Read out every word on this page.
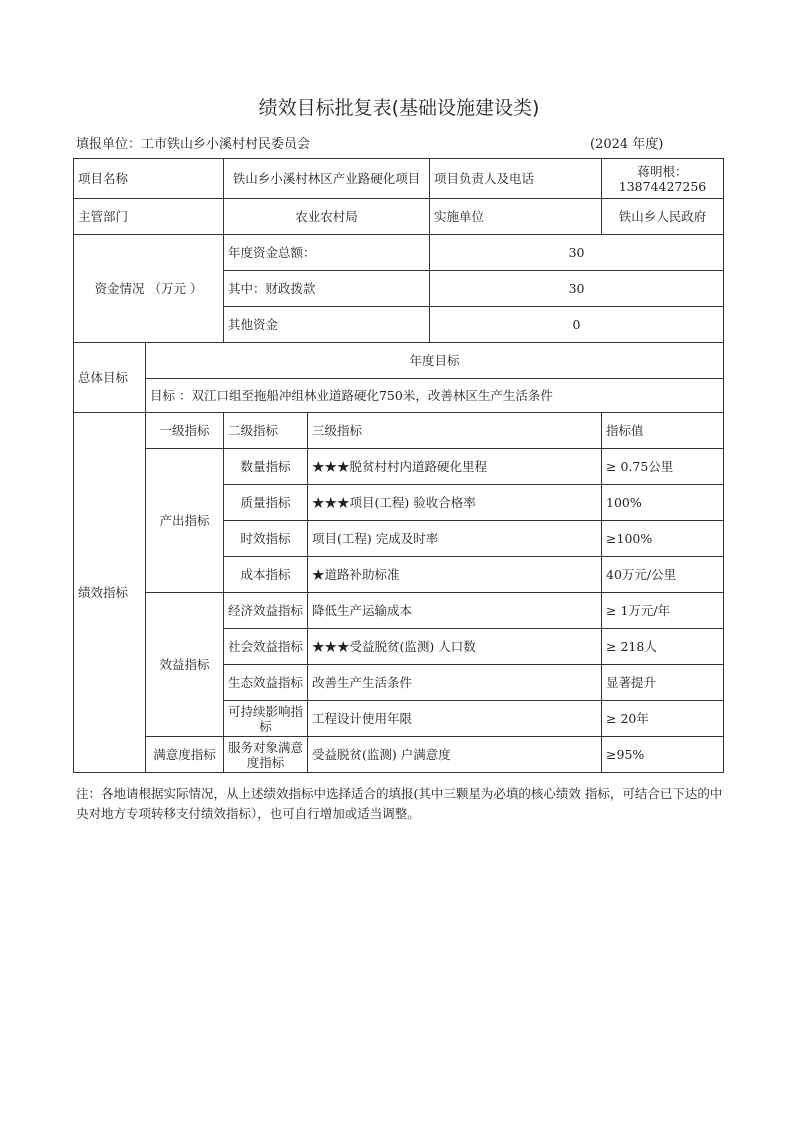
绩效目标批复表(基础设施建设类)
填报单位：​工市铁山乡小溪村村民委员会	(2024 年度)
项目名称		铁山乡小溪村林区产业路硬化项目		项目负责人及电话	蒋明根：13874427256
主管部门		农业农村局		实施单位	铁山乡人民政府
资金情况 （万元 ）		年度资金总额：		30	
		其中：财政拨款		30	
		其他资金		0	
总体目标	年度目标				
	目标 ：双江口组至拖船冲组林业道路硬化750米，改善林区生产生活条件				
绩效指标	一级指标	二级指标	三级指标		指标值
	产出指标	数量指标	★★★脱贫村村内道路硬化里程		≥ 0.75公里
		质量指标	★★★项目(工程) 验收合格率		100%
		时效指标	项目(工程) 完成及时率		≥100%
		成本指标	★道路补助标准		40万元/公里
	效益指标	经济效益指标	降低生产运输成本		≥ 1万元/年
		社会效益指标	★★★受益脱贫(监测) 人口数		≥ 218人
		生态效益指标	改善生产生活条件		显著提升
		可持续影响指标	工程设计使用年限		≥ 20年
	满意度指标	服务对象满意度指标	受益脱贫(监测) 户满意度		≥95%
注：各地请根据实际情况，从上述绩效指标中选择适合的填报(其中三颗星为必填的核心绩效 指标，可结合已下达的中央对地方专项转移支付绩效指标），也可自行增加或适当调整。
